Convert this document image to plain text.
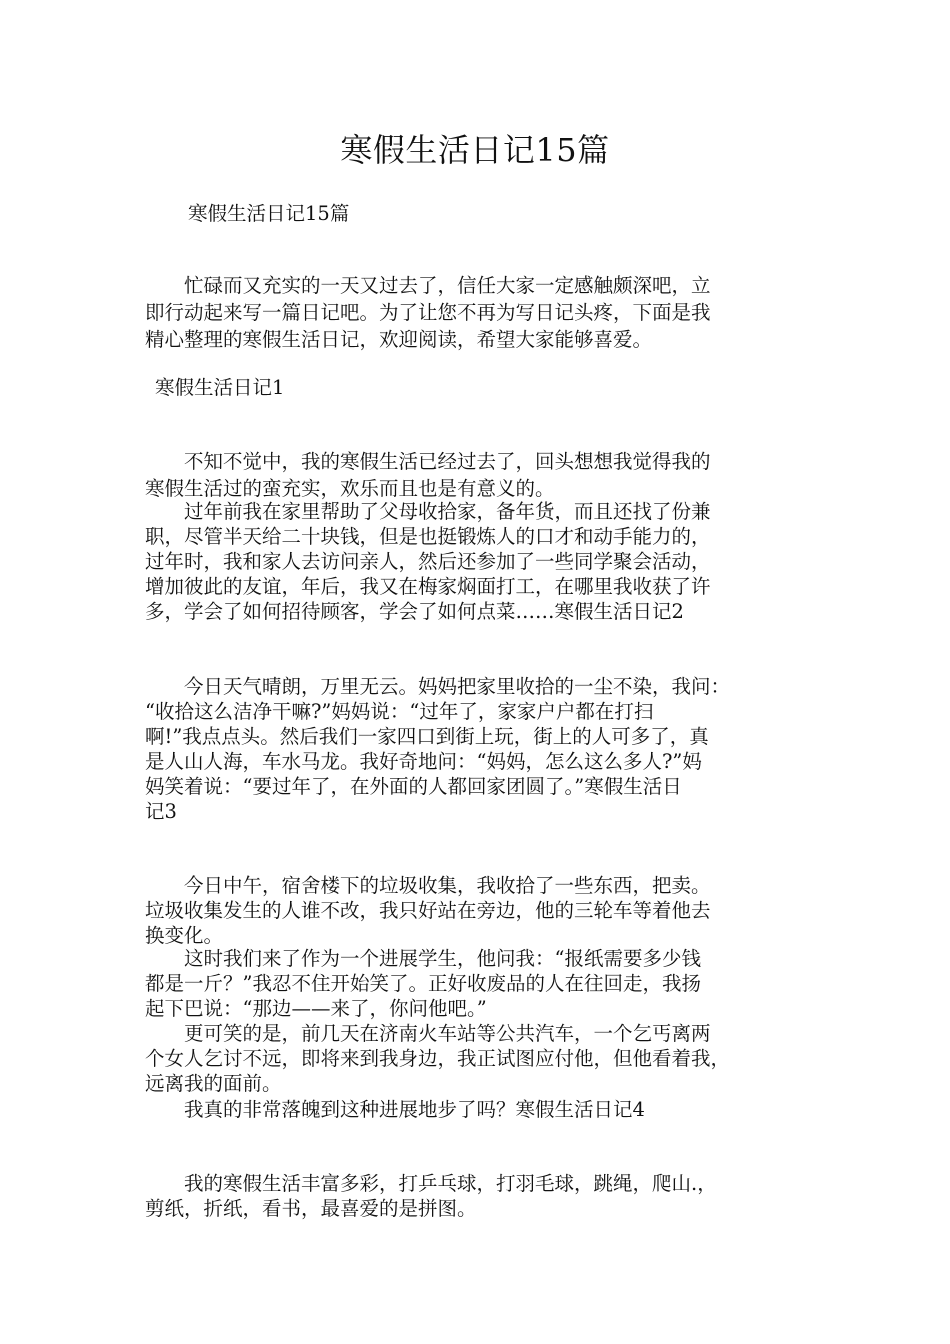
寒假生活日记15篇

寒假生活日记15篇

　　忙碌而又充实的一天又过去了，信任大家一定感触颇深吧，立

即行动起来写一篇日记吧。为了让您不再为写日记头疼，下面是我

精心整理的寒假生活日记，欢迎阅读，希望大家能够喜爱。

寒假生活日记1

　　不知不觉中，我的寒假生活已经过去了，回头想想我觉得我的

寒假生活过的蛮充实，欢乐而且也是有意义的。

　　过年前我在家里帮助了父母收拾家，备年货，而且还找了份兼

职，尽管半天给二十块钱，但是也挺锻炼人的口才和动手能力的，

过年时，我和家人去访问亲人，然后还参加了一些同学聚会活动，

增加彼此的友谊，年后，我又在梅家焖面打工，在哪里我收获了许

多，学会了如何招待顾客，学会了如何点菜……寒假生活日记2

　　今日天气晴朗，万里无云。妈妈把家里收拾的一尘不染，我问：

“收拾这么洁净干嘛?”妈妈说：“过年了，家家户户都在打扫

啊!”我点点头。然后我们一家四口到街上玩，街上的人可多了，真

是人山人海，车水马龙。我好奇地问：“妈妈，怎么这么多人?”妈

妈笑着说：“要过年了，在外面的人都回家团圆了。”寒假生活日

记3

　　今日中午，宿舍楼下的垃圾收集，我收拾了一些东西，把卖。

垃圾收集发生的人谁不改，我只好站在旁边，他的三轮车等着他去

换变化。

　　这时我们来了作为一个进展学生，他问我：“报纸需要多少钱

都是一斤？”我忍不住开始笑了。正好收废品的人在往回走，我扬

起下巴说：“那边——来了，你问他吧。”

　　更可笑的是，前几天在济南火车站等公共汽车，一个乞丐离两

个女人乞讨不远，即将来到我身边，我正试图应付他，但他看着我，

远离我的面前。

　　我真的非常落魄到这种进展地步了吗？寒假生活日记4

　　我的寒假生活丰富多彩，打乒乓球，打羽毛球，跳绳，爬山.，

剪纸，折纸，看书，最喜爱的是拼图。
